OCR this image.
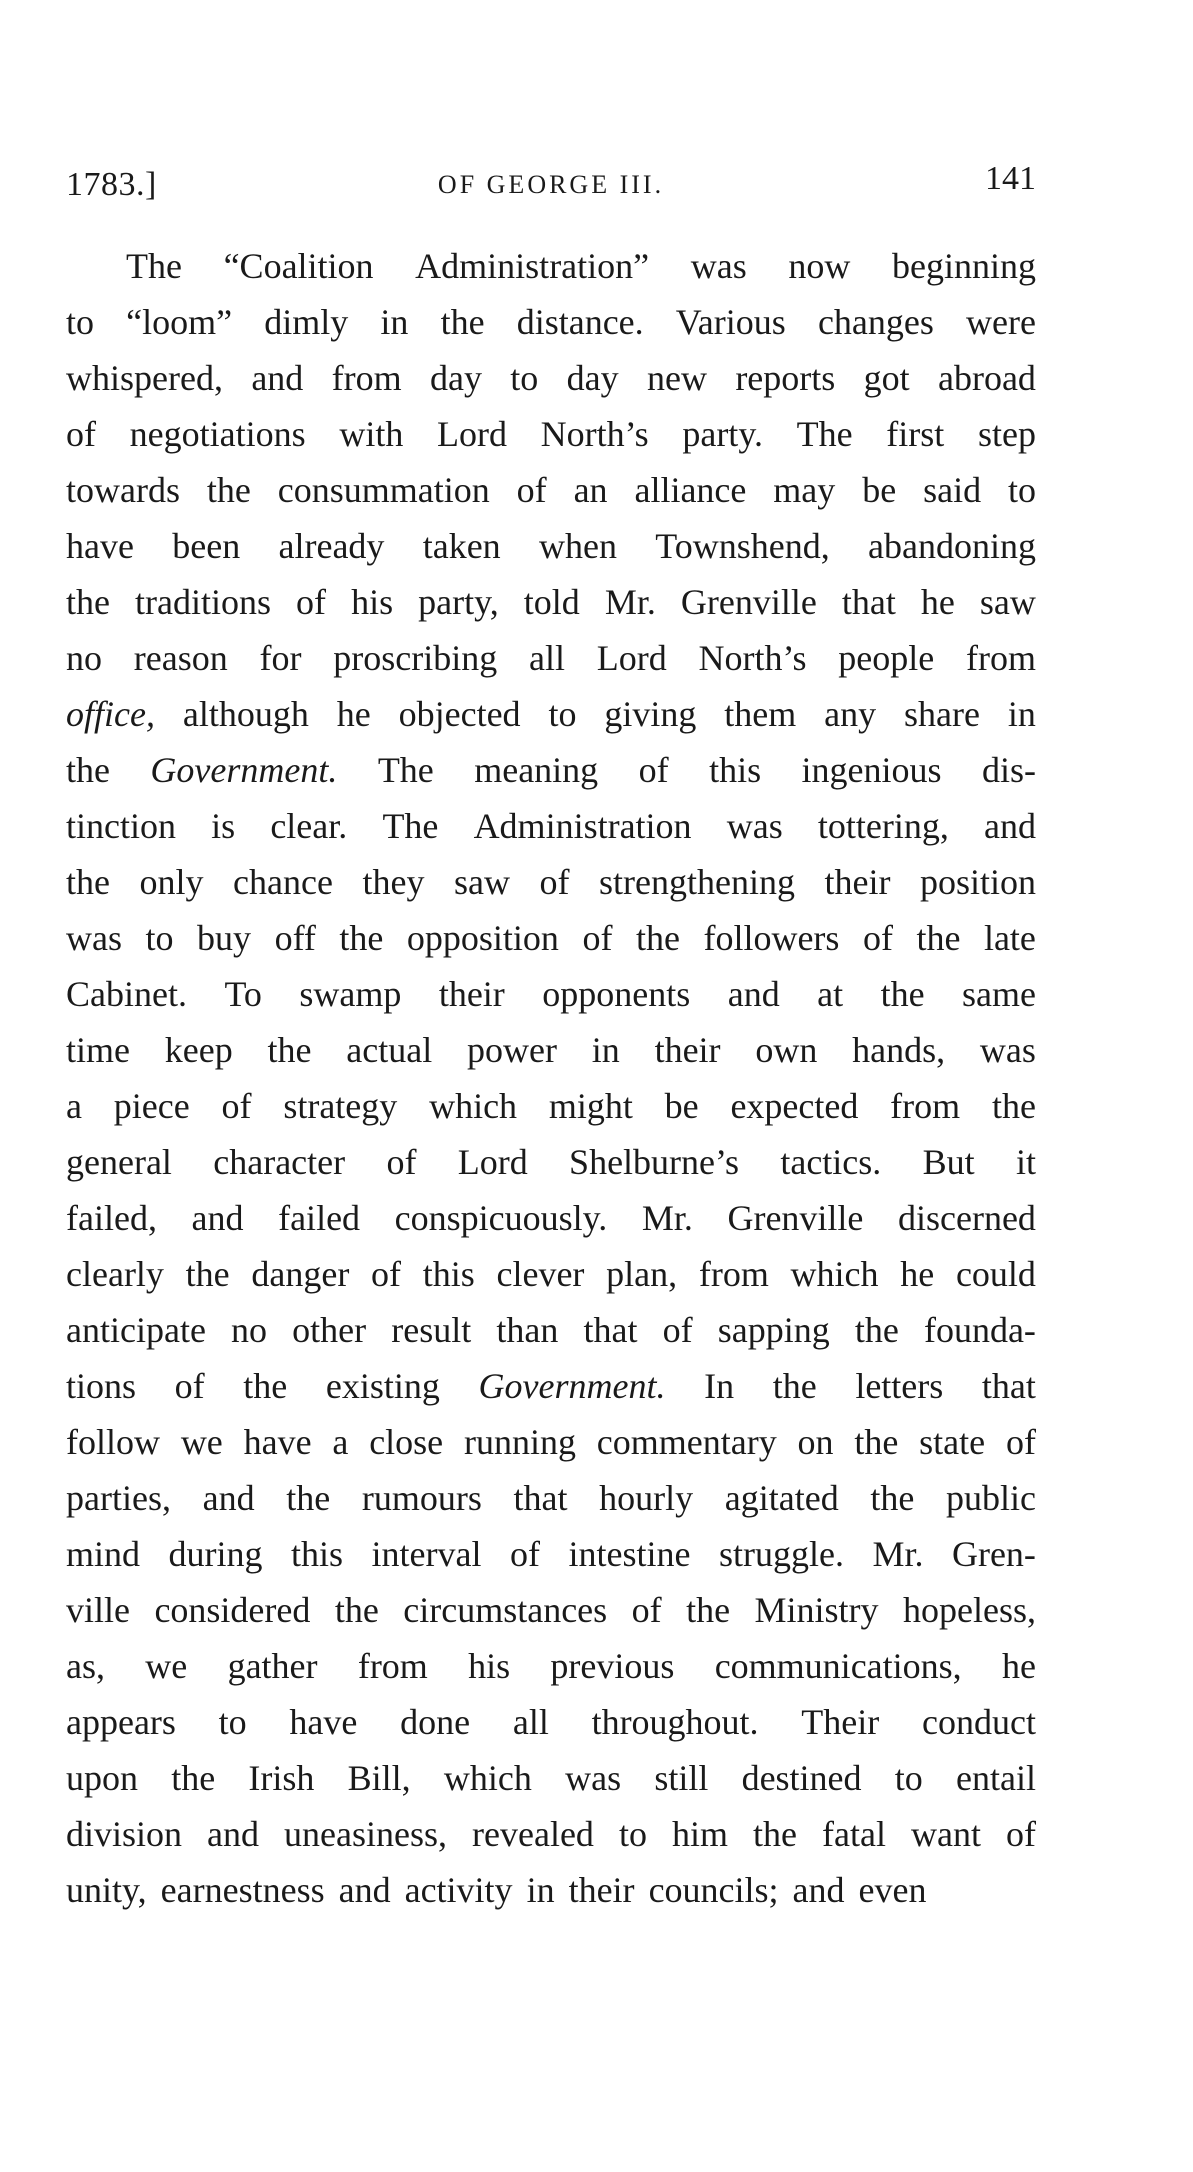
1783.]	OF GEORGE III.	141
The “Coalition Administration” was now beginning
to “loom” dimly in the distance. Various changes were
whispered, and from day to day new reports got abroad
of negotiations with Lord North’s party. The first step
towards the consummation of an alliance may be said to
have been already taken when Townshend, abandoning
the traditions of his party, told Mr. Grenville that he saw
no reason for proscribing all Lord North’s people from
office, although he objected to giving them any share in
the Government. The meaning of this ingenious dis-
tinction is clear. The Administration was tottering, and
the only chance they saw of strengthening their position
was to buy off the opposition of the followers of the late
Cabinet. To swamp their opponents and at the same
time keep the actual power in their own hands, was
a piece of strategy which might be expected from the
general character of Lord Shelburne’s tactics. But it
failed, and failed conspicuously. Mr. Grenville discerned
clearly the danger of this clever plan, from which he could
anticipate no other result than that of sapping the founda-
tions of the existing Government. In the letters that
follow we have a close running commentary on the state of
parties, and the rumours that hourly agitated the public
mind during this interval of intestine struggle. Mr. Gren-
ville considered the circumstances of the Ministry hopeless,
as, we gather from his previous communications, he
appears to have done all throughout. Their conduct
upon the Irish Bill, which was still destined to entail
division and uneasiness, revealed to him the fatal want of
unity, earnestness and activity in their councils; and even
